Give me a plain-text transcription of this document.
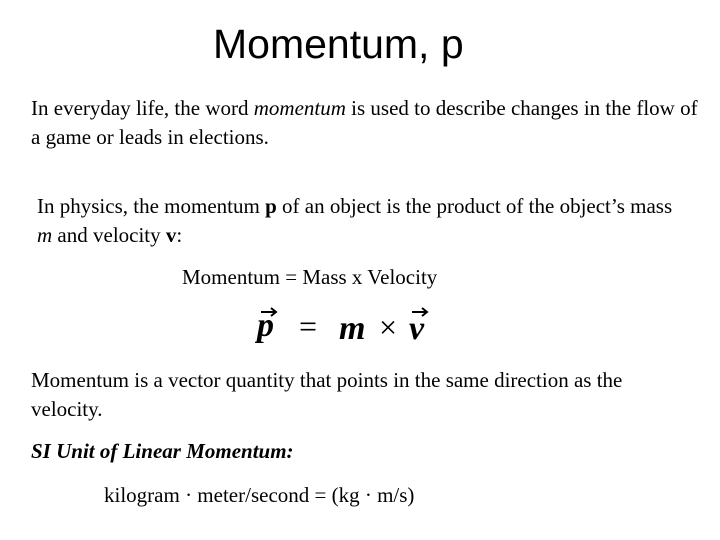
Momentum, p
In everyday life, the word momentum is used to describe changes in the flow of a game or leads in elections.
In physics, the momentum p of an object is the product of the object’s mass m and velocity v:
Momentum = Mass x Velocity
p m v
= ×
Momentum is a vector quantity that points in the same direction as the velocity.
SI Unit of Linear Momentum:
kilogram · meter/second = (kg · m/s)
